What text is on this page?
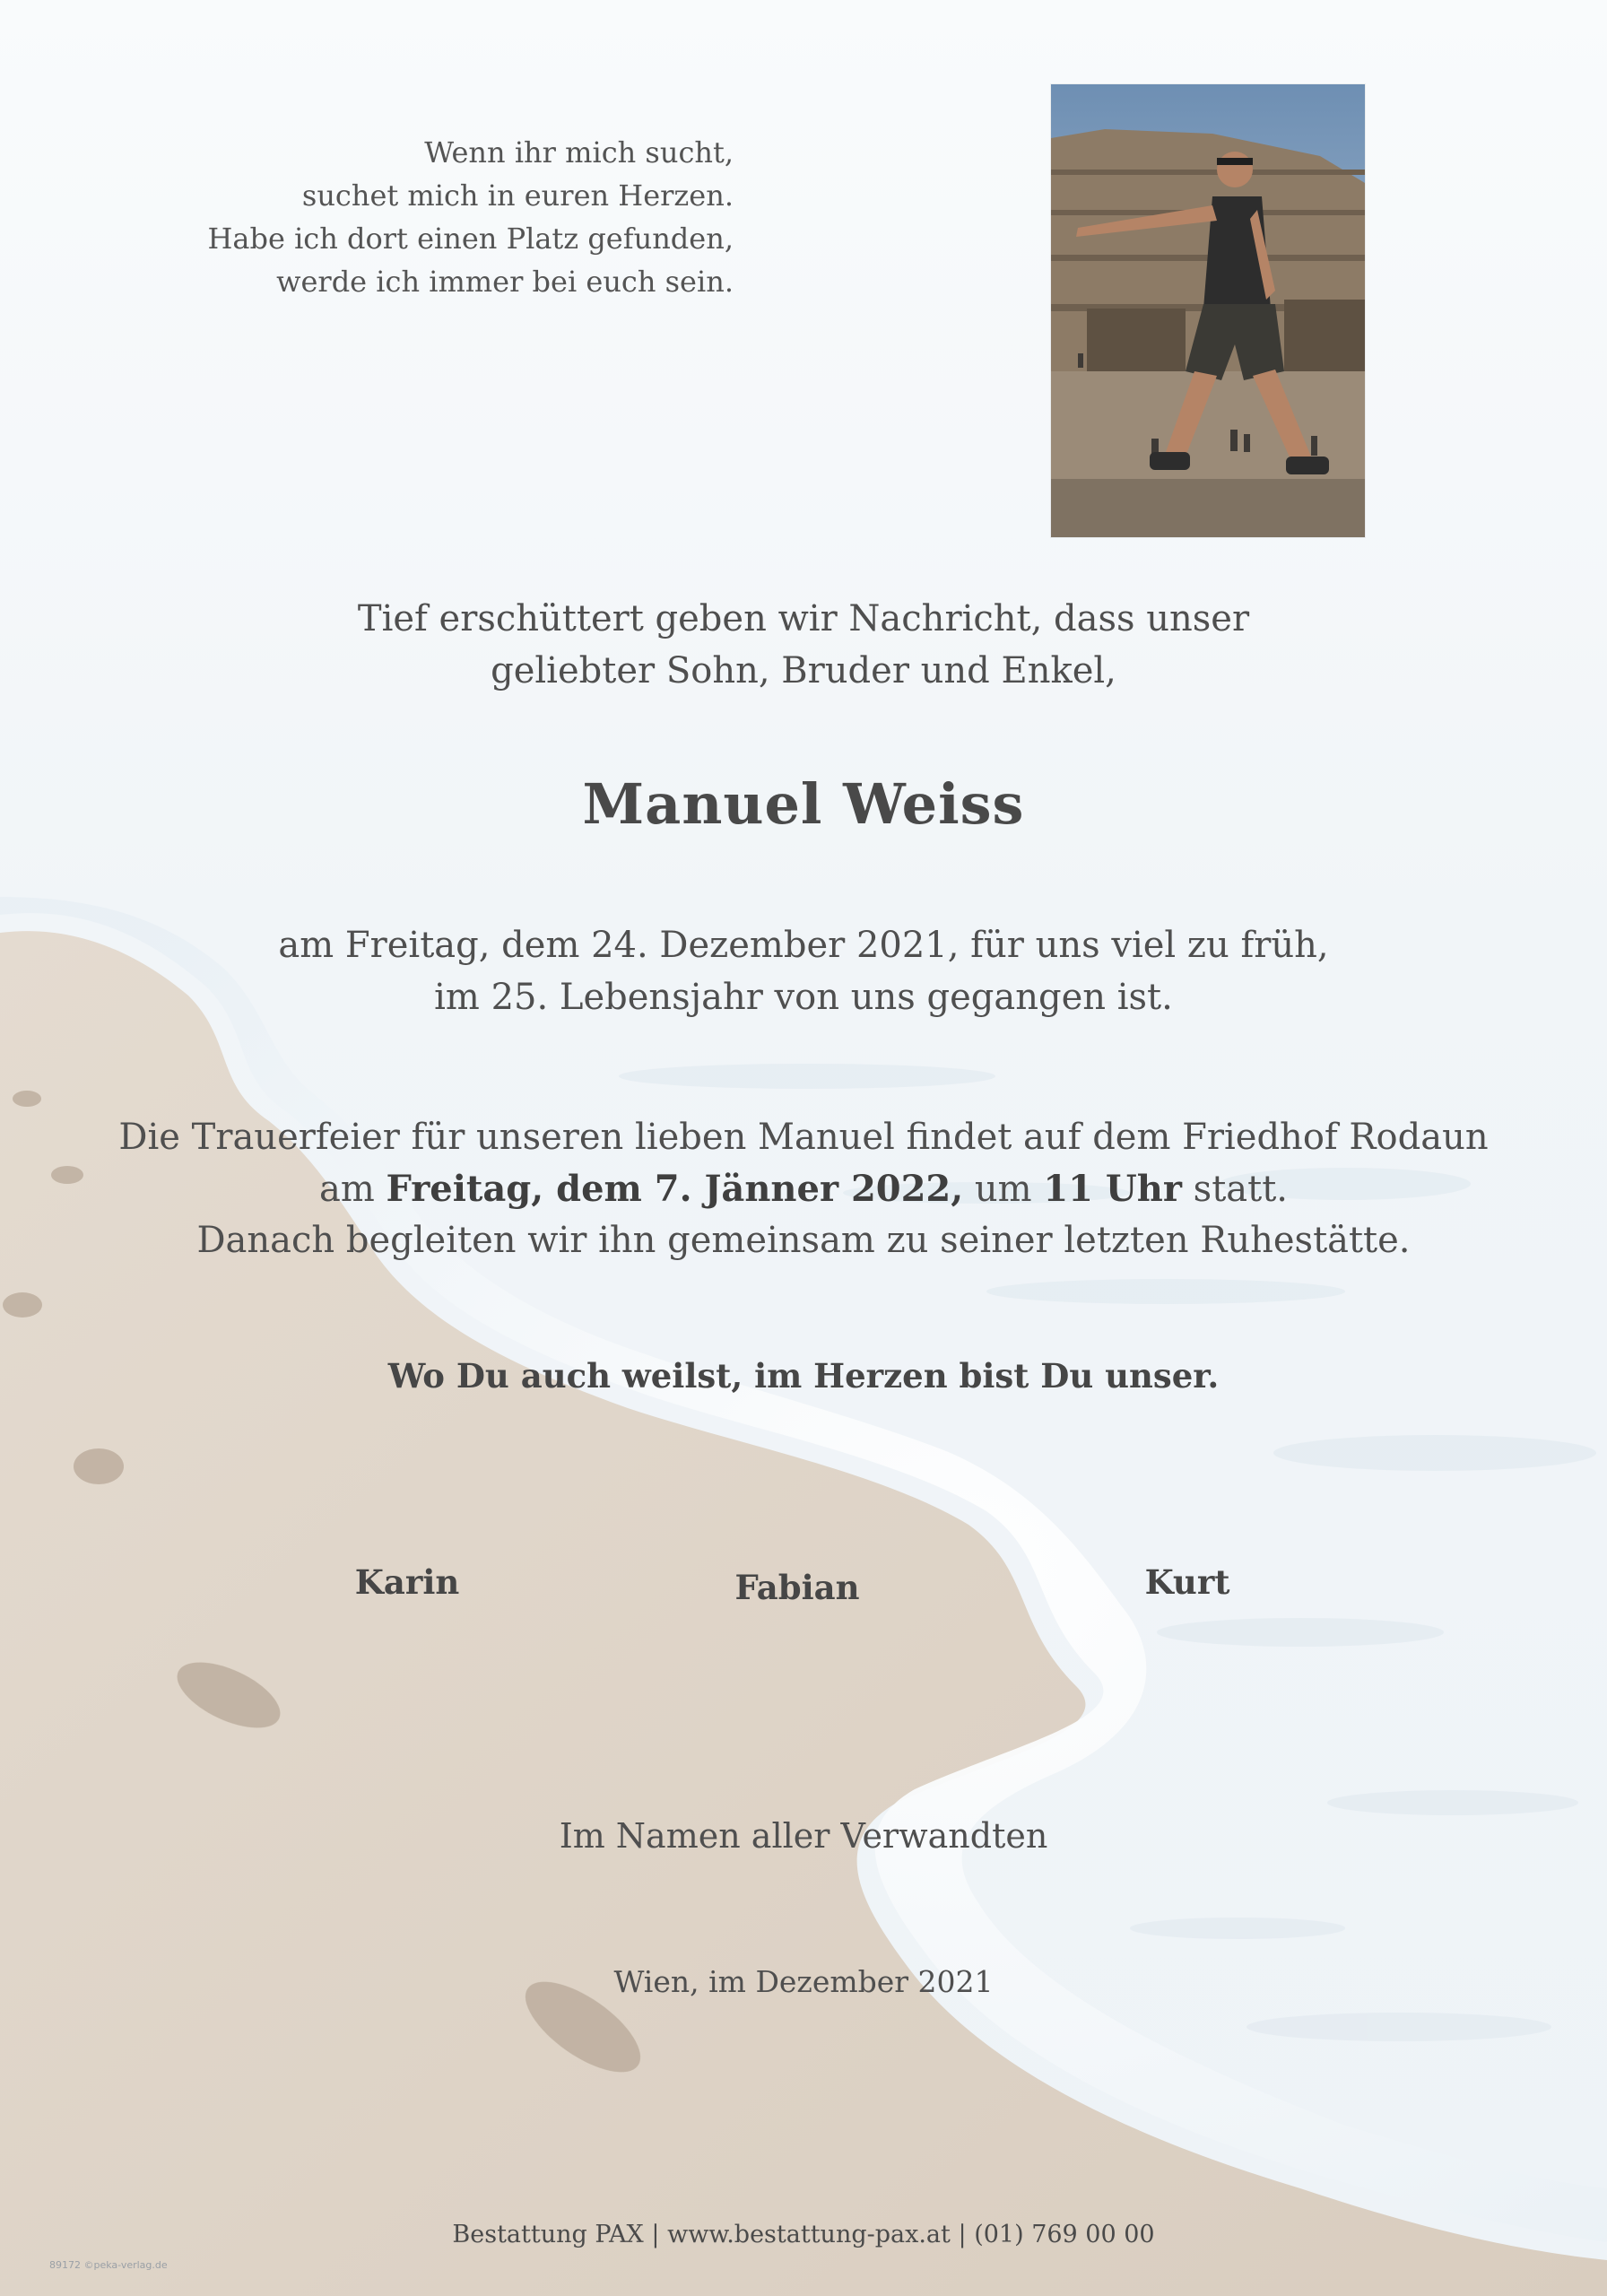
Wenn ihr mich sucht,
suchet mich in euren Herzen.
Habe ich dort einen Platz gefunden,
werde ich immer bei euch sein.
Tief erschüttert geben wir Nachricht, dass unser
geliebter Sohn, Bruder und Enkel,
Manuel Weiss
am Freitag, dem 24. Dezember 2021, für uns viel zu früh,
im 25. Lebensjahr von uns gegangen ist.
Die Trauerfeier für unseren lieben Manuel findet auf dem Friedhof Rodaun
am Freitag, dem 7. Jänner 2022, um 11 Uhr statt.
Danach begleiten wir ihn gemeinsam zu seiner letzten Ruhestätte.
Wo Du auch weilst, im Herzen bist Du unser.
Karin	Fabian	Kurt
Im Namen aller Verwandten
Wien, im Dezember 2021
Bestattung PAX | www.bestattung-pax.at | (01) 769 00 00
89172 ©peka-verlag.de
